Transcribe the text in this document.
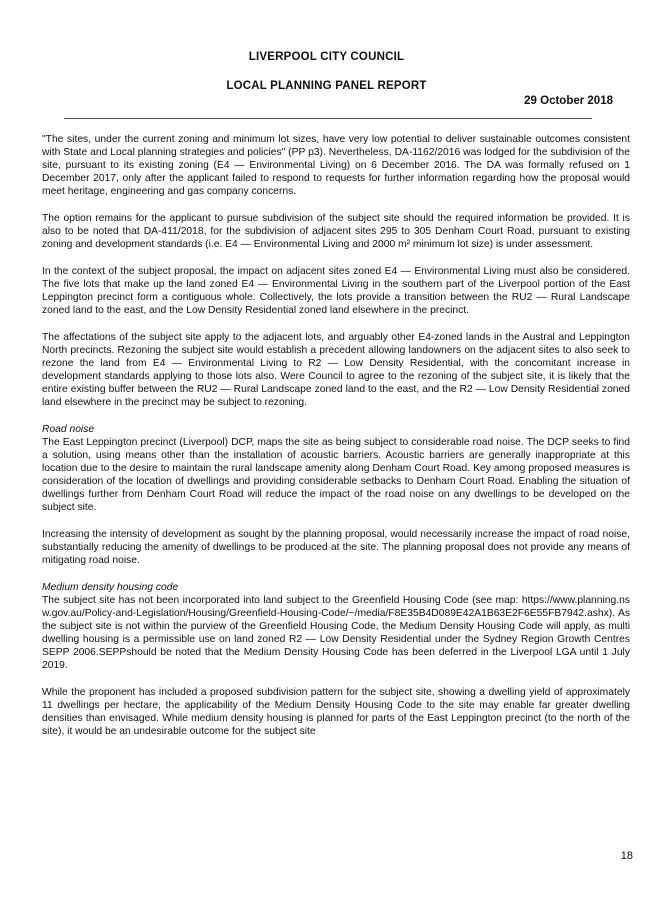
LIVERPOOL CITY COUNCIL
LOCAL PLANNING PANEL REPORT
29 October 2018

"The sites, under the current zoning and minimum lot sizes, have very low potential to deliver sustainable outcomes consistent with State and Local planning strategies and policies" (PP p3). Nevertheless, DA-1162/2016 was lodged for the subdivision of the site, pursuant to its existing zoning (E4 — Environmental Living) on 6 December 2016. The DA was formally refused on 1 December 2017, only after the applicant failed to respond to requests for further information regarding how the proposal would meet heritage, engineering and gas company concerns.

The option remains for the applicant to pursue subdivision of the subject site should the required information be provided. It is also to be noted that DA-411/2018, for the subdivision of adjacent sites 295 to 305 Denham Court Road, pursuant to existing zoning and development standards (i.e. E4 — Environmental Living and 2000 m² minimum lot size) is under assessment.

In the context of the subject proposal, the impact on adjacent sites zoned E4 — Environmental Living must also be considered. The five lots that make up the land zoned E4 — Environmental Living in the southern part of the Liverpool portion of the East Leppington precinct form a contiguous whole. Collectively, the lots provide a transition between the RU2 — Rural Landscape zoned land to the east, and the Low Density Residential zoned land elsewhere in the precinct.

The affectations of the subject site apply to the adjacent lots, and arguably other E4-zoned lands in the Austral and Leppington North precincts. Rezoning the subject site would establish a precedent allowing landowners on the adjacent sites to also seek to rezone the land from E4 — Environmental Living to R2 — Low Density Residential, with the concomitant increase in development standards applying to those lots also. Were Council to agree to the rezoning of the subject site, it is likely that the entire existing buffer between the RU2 — Rural Landscape zoned land to the east, and the R2 — Low Density Residential zoned land elsewhere in the precinct may be subject to rezoning.

Road noise

The East Leppington precinct (Liverpool) DCP, maps the site as being subject to considerable road noise. The DCP seeks to find a solution, using means other than the installation of acoustic barriers. Acoustic barriers are generally inappropriate at this location due to the desire to maintain the rural landscape amenity along Denham Court Road. Key among proposed measures is consideration of the location of dwellings and providing considerable setbacks to Denham Court Road. Enabling the situation of dwellings further from Denham Court Road will reduce the impact of the road noise on any dwellings to be developed on the subject site.

Increasing the intensity of development as sought by the planning proposal, would necessarily increase the impact of road noise, substantially reducing the amenity of dwellings to be produced at the site. The planning proposal does not provide any means of mitigating road noise.

Medium density housing code

The subject site has not been incorporated into land subject to the Greenfield Housing Code (see map: https://www.planning.nsw.gov.au/Policy-and-Legislation/Housing/Greenfield-Housing-Code/~/media/F8E35B4D089E42A1B63E2F6E55FB7942.ashx). As the subject site is not within the purview of the Greenfield Housing Code, the Medium Density Housing Code will apply, as multi dwelling housing is a permissible use on land zoned R2 — Low Density Residential under the Sydney Region Growth Centres SEPP 2006.SEPPshould be noted that the Medium Density Housing Code has been deferred in the Liverpool LGA until 1 July 2019.

While the proponent has included a proposed subdivision pattern for the subject site, showing a dwelling yield of approximately 11 dwellings per hectare, the applicability of the Medium Density Housing Code to the site may enable far greater dwelling densities than envisaged. While medium density housing is planned for parts of the East Leppington precinct (to the north of the site), it would be an undesirable outcome for the subject site

18
